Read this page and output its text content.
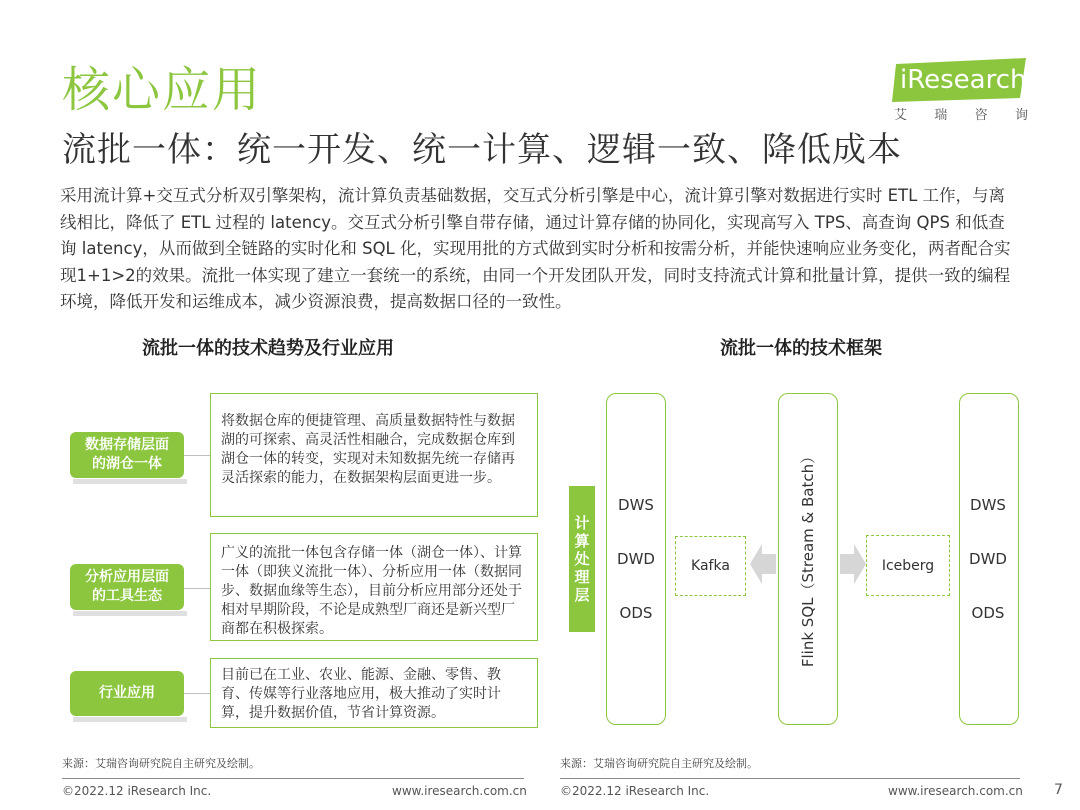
核心应用	iResearch
艾 瑞 咨 询
流批一体：统一开发、统一计算、逻辑一致、降低成本
采用流计算+交互式分析双引擎架构，流计算负责基础数据，交互式分析引擎是中心，流计算引擎对数据进行实时 ETL 工作，与离线相比，降低了 ETL 过程的 latency。交互式分析引擎自带存储，通过计算存储的协同化，实现高写入 TPS、高查询 QPS 和低查询 latency，从而做到全链路的实时化和 SQL 化，实现用批的方式做到实时分析和按需分析，并能快速响应业务变化，两者配合实现1+1>2的效果。流批一体实现了建立一套统一的系统，由同一个开发团队开发，同时支持流式计算和批量计算，提供一致的编程环境，降低开发和运维成本，减少资源浪费，提高数据口径的一致性。
流批一体的技术趋势及行业应用	流批一体的技术框架
数据存储层面
的湖仓一体
将数据仓库的便捷管理、高质量数据特性与数据湖的可探索、高灵活性相融合，完成数据仓库到湖仓一体的转变，实现对未知数据先统一存储再灵活探索的能力，在数据架构层面更进一步。
分析应用层面
的工具生态
广义的流批一体包含存储一体（湖仓一体）、计算一体（即狭义流批一体）、分析应用一体（数据同步、数据血缘等生态），目前分析应用部分还处于相对早期阶段，不论是成熟型厂商还是新兴型厂商都在积极探索。
行业应用
目前已在工业、农业、能源、金融、零售、教育、传媒等行业落地应用，极大推动了实时计算，提升数据价值，节省计算资源。
计
算
处
理
层
DWS
DWD
ODS
Kafka	Flink SQL（Stream & Batch）	Iceberg
DWS
DWD
ODS
来源：艾瑞咨询研究院自主研究及绘制。	来源：艾瑞咨询研究院自主研究及绘制。
©2022.12 iResearch Inc.	www.iresearch.com.cn	©2022.12 iResearch Inc.	www.iresearch.com.cn 7
